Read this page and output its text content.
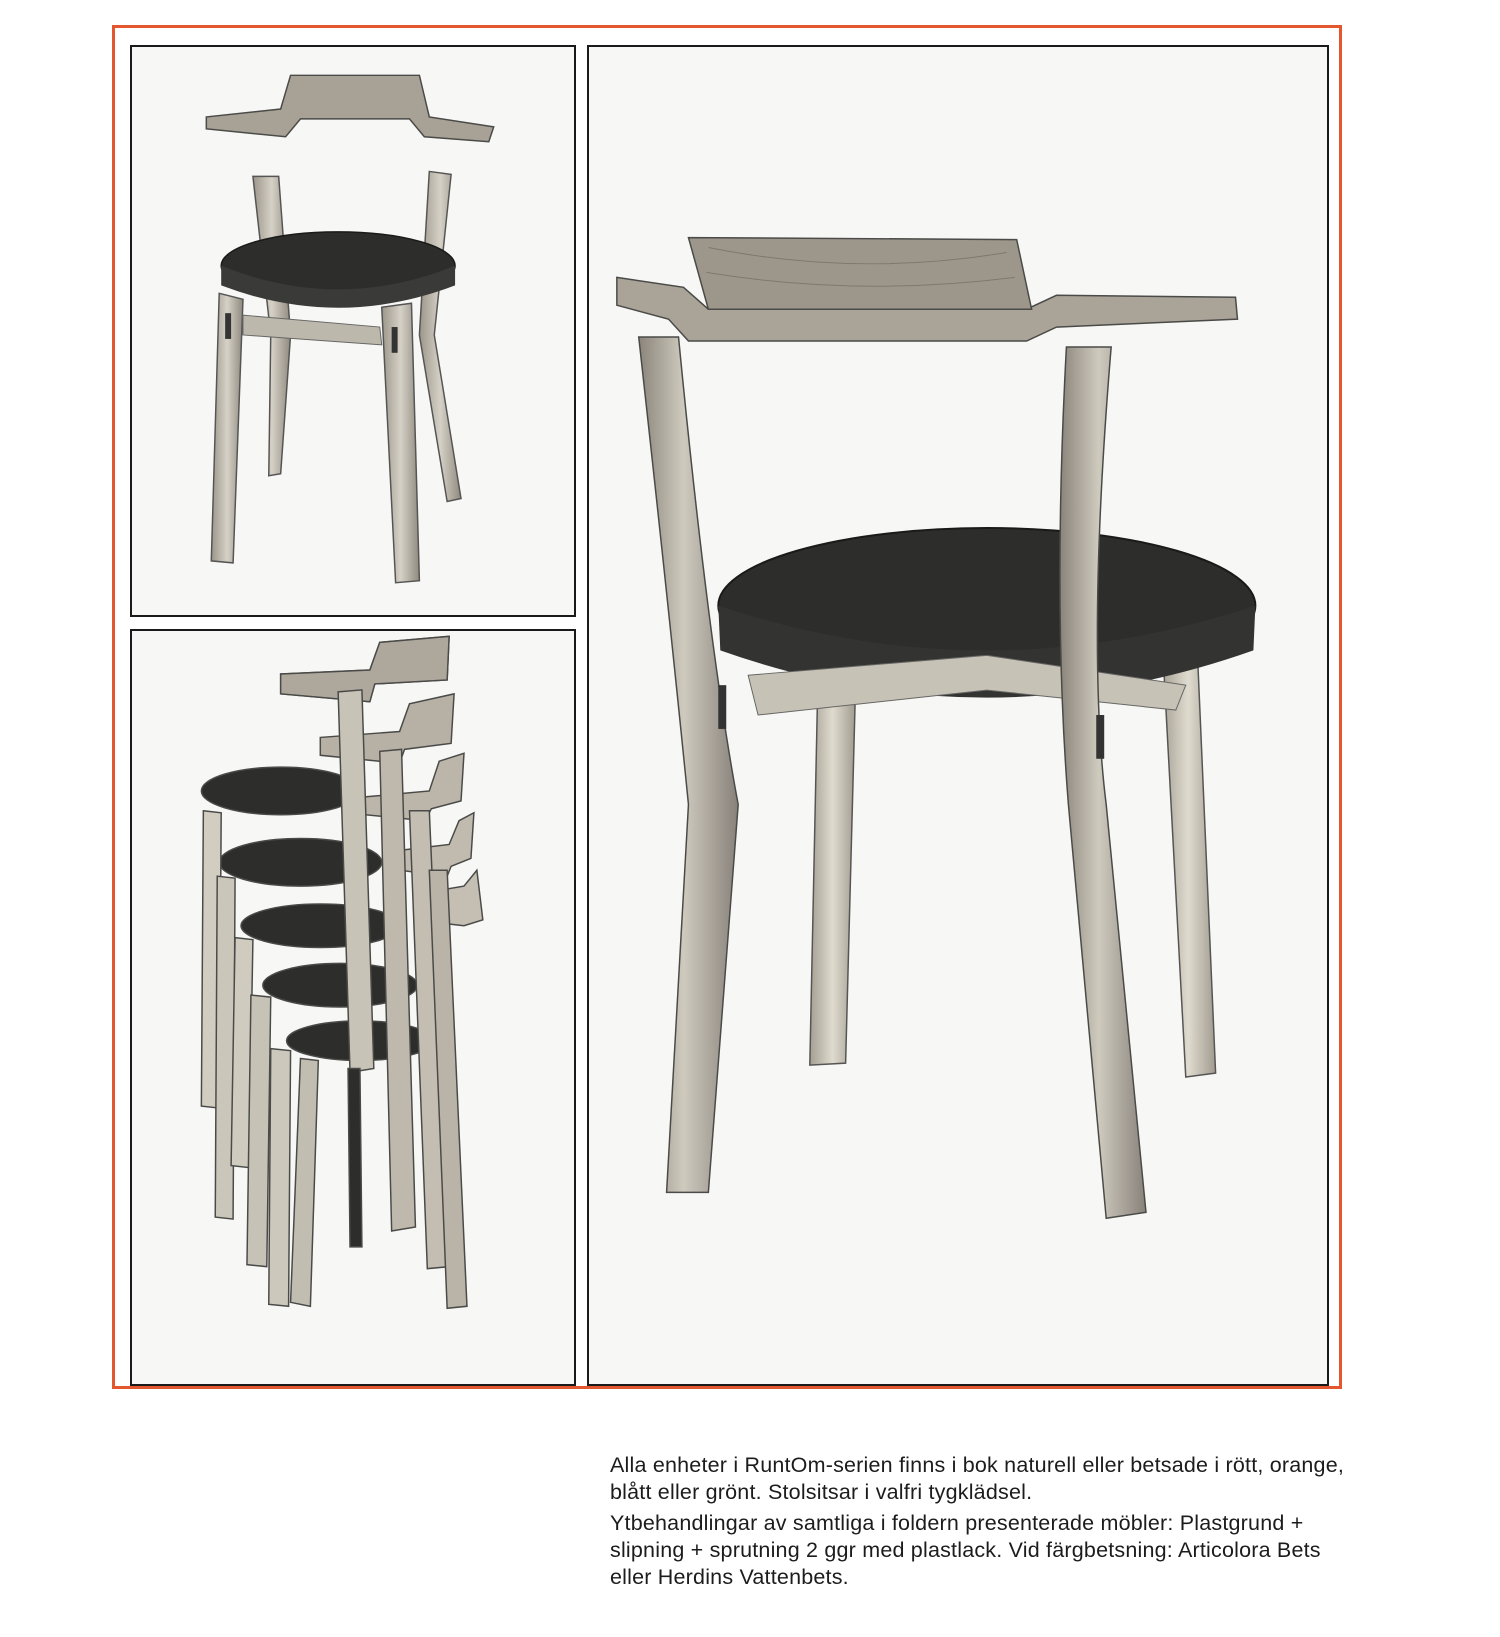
Alla enheter i RuntOm-serien finns i bok naturell eller betsade i rött, orange, blått eller grönt. Stolsitsar i valfri tygklädsel.

Ytbehandlingar av samtliga i foldern presenterade möbler: Plastgrund + slipning + sprutning 2 ggr med plastlack. Vid färgbetsning: Articolora Bets eller Herdins Vattenbets.
